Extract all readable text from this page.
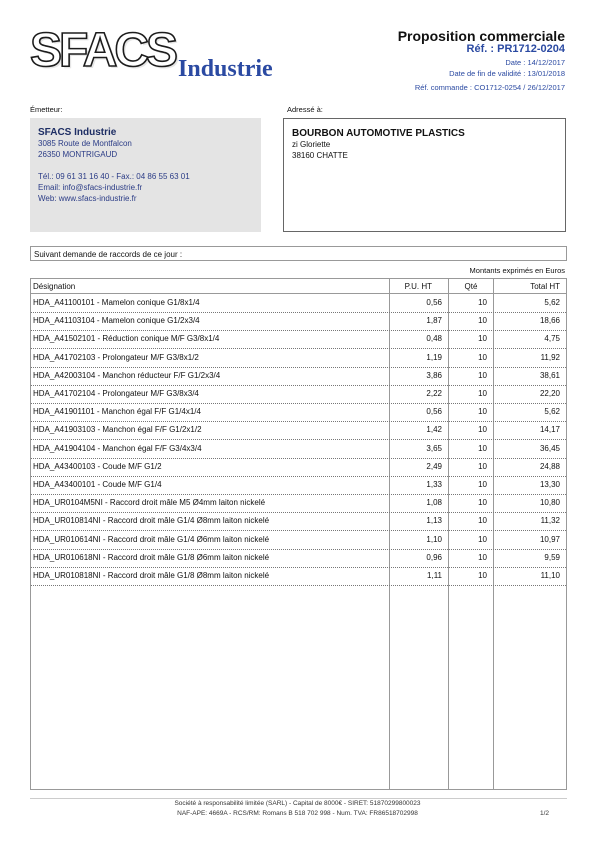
SFACS Industrie
Proposition commerciale
Réf. : PR1712-0204
Date : 14/12/2017
Date de fin de validité : 13/01/2018
Réf. commande : CO1712-0254 / 26/12/2017
Émetteur:	Adressé à:
SFACS Industrie
3085 Route de Montfalcon
26350 MONTRIGAUD
Tél.: 09 61 31 16 40 - Fax.: 04 86 55 63 01
Email: info@sfacs-industrie.fr
Web: www.sfacs-industrie.fr
BOURBON AUTOMOTIVE PLASTICS
zi Gloriette
38160 CHATTE
Suivant demande de raccords de ce jour :
Montants exprimés en Euros
Désignation	P.U. HT	Qté	Total HT
HDA_A41100101 - Mamelon conique G1/8x1/4	0,56	10	5,62
HDA_A41103104 - Mamelon conique G1/2x3/4	1,87	10	18,66
HDA_A41502101 - Réduction conique M/F G3/8x1/4	0,48	10	4,75
HDA_A41702103 - Prolongateur M/F G3/8x1/2	1,19	10	11,92
HDA_A42003104 - Manchon réducteur F/F G1/2x3/4	3,86	10	38,61
HDA_A41702104 - Prolongateur M/F G3/8x3/4	2,22	10	22,20
HDA_A41901101 - Manchon égal F/F G1/4x1/4	0,56	10	5,62
HDA_A41903103 - Manchon égal F/F G1/2x1/2	1,42	10	14,17
HDA_A41904104 - Manchon égal F/F G3/4x3/4	3,65	10	36,45
HDA_A43400103 - Coude M/F G1/2	2,49	10	24,88
HDA_A43400101 - Coude M/F G1/4	1,33	10	13,30
HDA_UR0104M5NI - Raccord droit mâle M5 Ø4mm laiton nickelé	1,08	10	10,80
HDA_UR010814NI - Raccord droit mâle G1/4 Ø8mm laiton nickelé	1,13	10	11,32
HDA_UR010614NI - Raccord droit mâle G1/4 Ø6mm laiton nickelé	1,10	10	10,97
HDA_UR010618NI - Raccord droit mâle G1/8 Ø6mm laiton nickelé	0,96	10	9,59
HDA_UR010818NI - Raccord droit mâle G1/8 Ø8mm laiton nickelé	1,11	10	11,10
Société à responsabilité limitée (SARL) - Capital de 8000€ - SIRET: 51870299800023
NAF-APE: 4669A - RCS/RM: Romans B 518 702 998 - Num. TVA: FR86518702998	1/2
